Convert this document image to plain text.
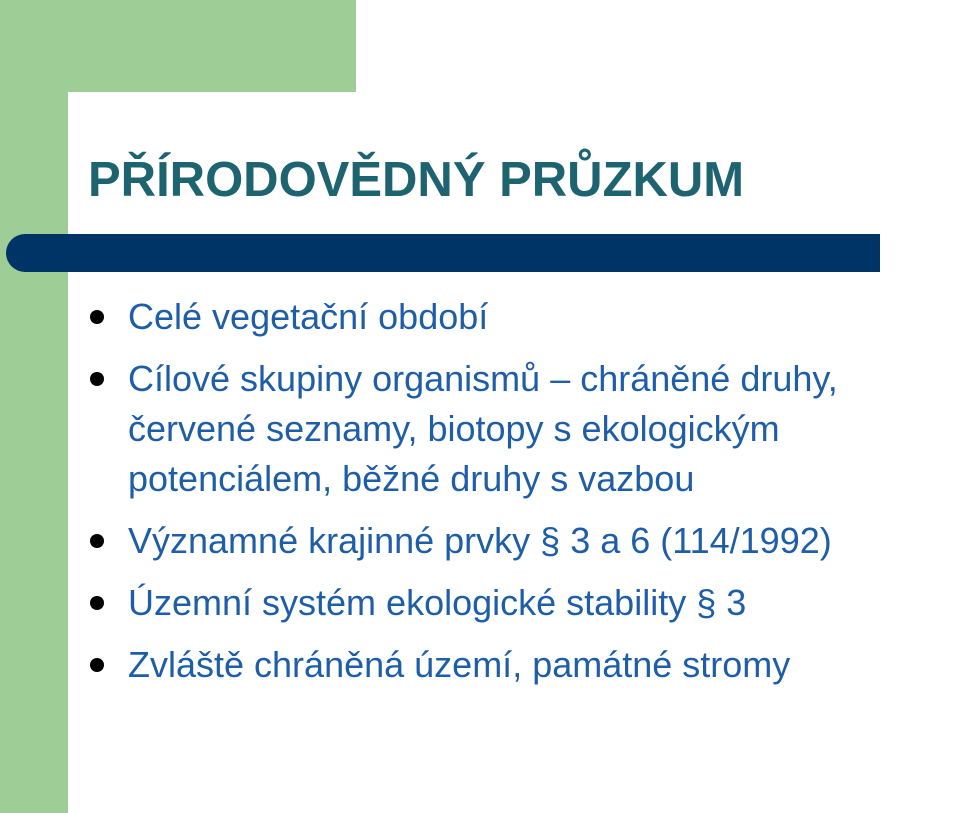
PŘÍRODOVĚDNÝ PRŮZKUM
Celé vegetační období
Cílové skupiny organismů – chráněné druhy,
červené seznamy, biotopy s ekologickým
potenciálem, běžné druhy s vazbou
Významné krajinné prvky § 3 a 6 (114/1992)
Územní systém ekologické stability § 3
Zvláště chráněná území, památné stromy
